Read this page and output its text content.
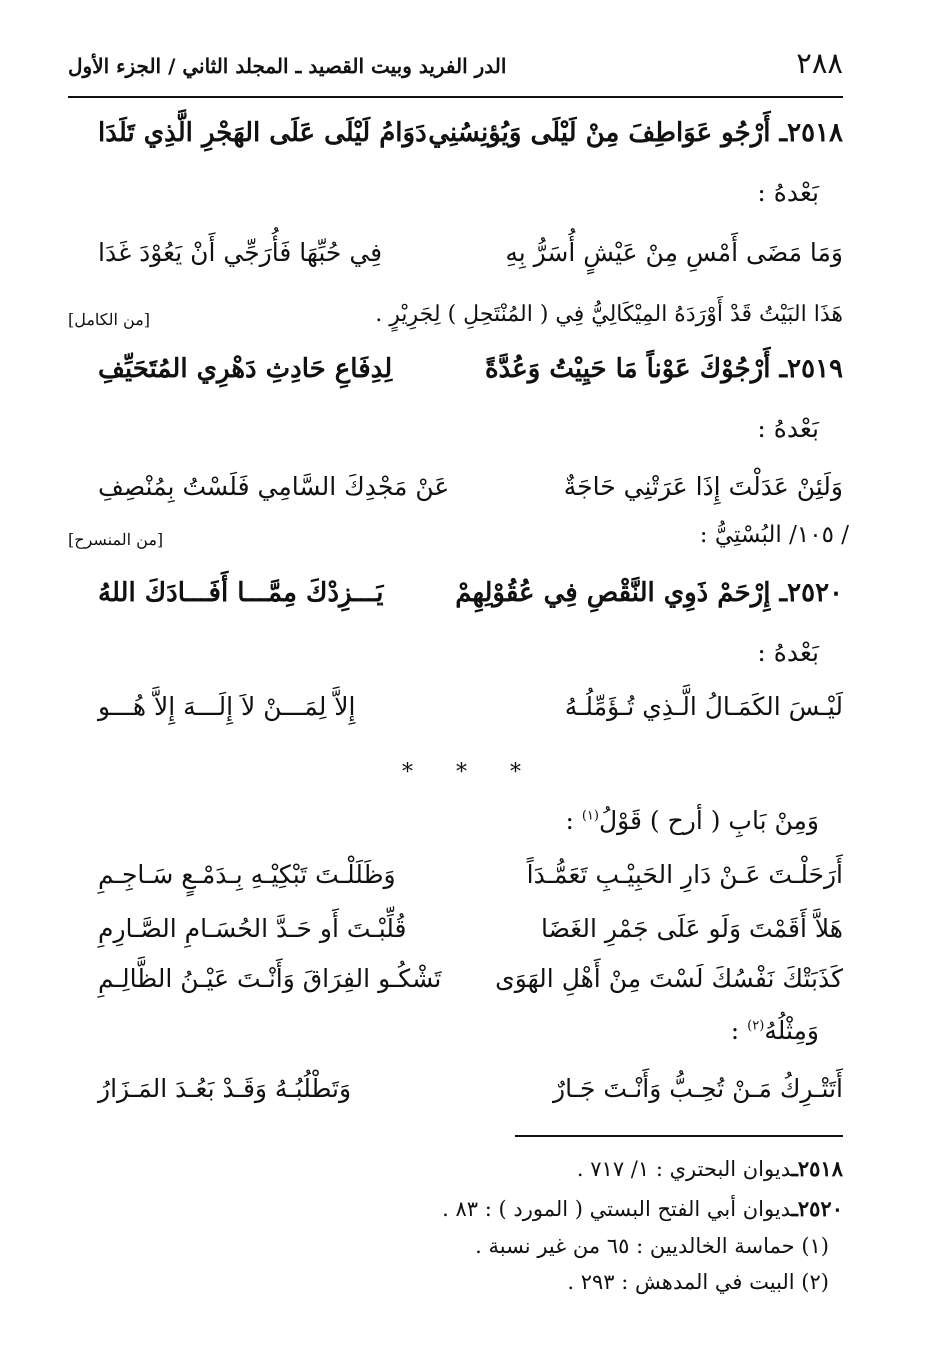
٢٨٨
الدر الفريد وبيت القصيد ـ المجلد الثاني / الجزء الأول
٢٥١٨ـ أَرْجُو عَوَاطِفَ مِنْ لَيْلَى وَيُؤنِسُنِي
دَوَامُ لَيْلَى عَلَى الهَجْرِ الَّذِي تَلَدَا
بَعْدهُ :
وَمَا مَضَى أَمْسِ مِنْ عَيْشٍ أُسَرُّ بِهِ
فِي حُبِّهَا فَأُرَجِّي أَنْ يَعُوْدَ غَدَا
هَذَا البَيْتُ قَدْ أَوْرَدَهُ المِيْكَالِيُّ فِي ( المُنْتَحِلِ ) لِجَرِيْرٍ .
[من الكامل]
٢٥١٩ـ أَرْجُوْكَ عَوْناً مَا حَيِيْتُ وَعُدَّةً
لِدِفَاعِ حَادِثِ دَهْرِي المُتَحَيِّفِ
بَعْدهُ :
وَلَئِنْ عَدَلْتَ إِذَا عَرَتْنِي حَاجَةٌ
عَنْ مَجْدِكَ السَّامِي فَلَسْتُ بِمُنْصِفِ
/ ١٠٥/ البُسْتِيُّ :
[من المنسرح]
٢٥٢٠ـ إِرْحَمْ ذَوِي النَّقْصِ فِي عُقُوْلِهِمْ
يَـــزِدْكَ مِمَّـــا أَفَـــادَكَ اللهُ
بَعْدهُ :
لَيْـسَ الكَمَـالُ الَّـذِي تُـؤَمِّلُـهُ
إِلاَّ لِمَـــنْ لاَ إِلَـــهَ إِلاَّ هُـــو
* * *
وَمِنْ بَابِ ( أرح ) قَوْلُ$^{(١)}$ :
أَرَحَلْـتَ عَـنْ دَارِ الحَبِيْـبِ تَعَمُّـدَاً
وَظَلَلْـتَ تَبْكِيْـهِ بِـدَمْـعٍ سَـاجِـمِ
هَلاَّ أَقَمْتَ وَلَو عَلَى جَمْرِ الغَضَا
قُلِّبْـتَ أَو حَـدَّ الحُسَـامِ الصَّـارِمِ
كَذَبَتْكَ نَفْسُكَ لَسْتَ مِنْ أَهْلِ الهَوَى
تَشْكُـو الفِرَاقَ وَأَنْـتَ عَيْـنُ الظَّالِـمِ
وَمِثْلُهُ$^{(٢)}$ :
أَتَتْـرِكُ مَـنْ تُحِـبُّ وَأَنْـتَ جَـارٌ
وَتَطْلُبُـهُ وَقَـدْ بَعُـدَ المَـزَارُ
٢٥١٨ـديوان البحتري : ١/ ٧١٧ .
٢٥٢٠ـديوان أبي الفتح البستي ( المورد ) : ٨٣ .
(١) حماسة الخالديين : ٦٥ من غير نسبة .
(٢) البيت في المدهش : ٢٩٣ .
